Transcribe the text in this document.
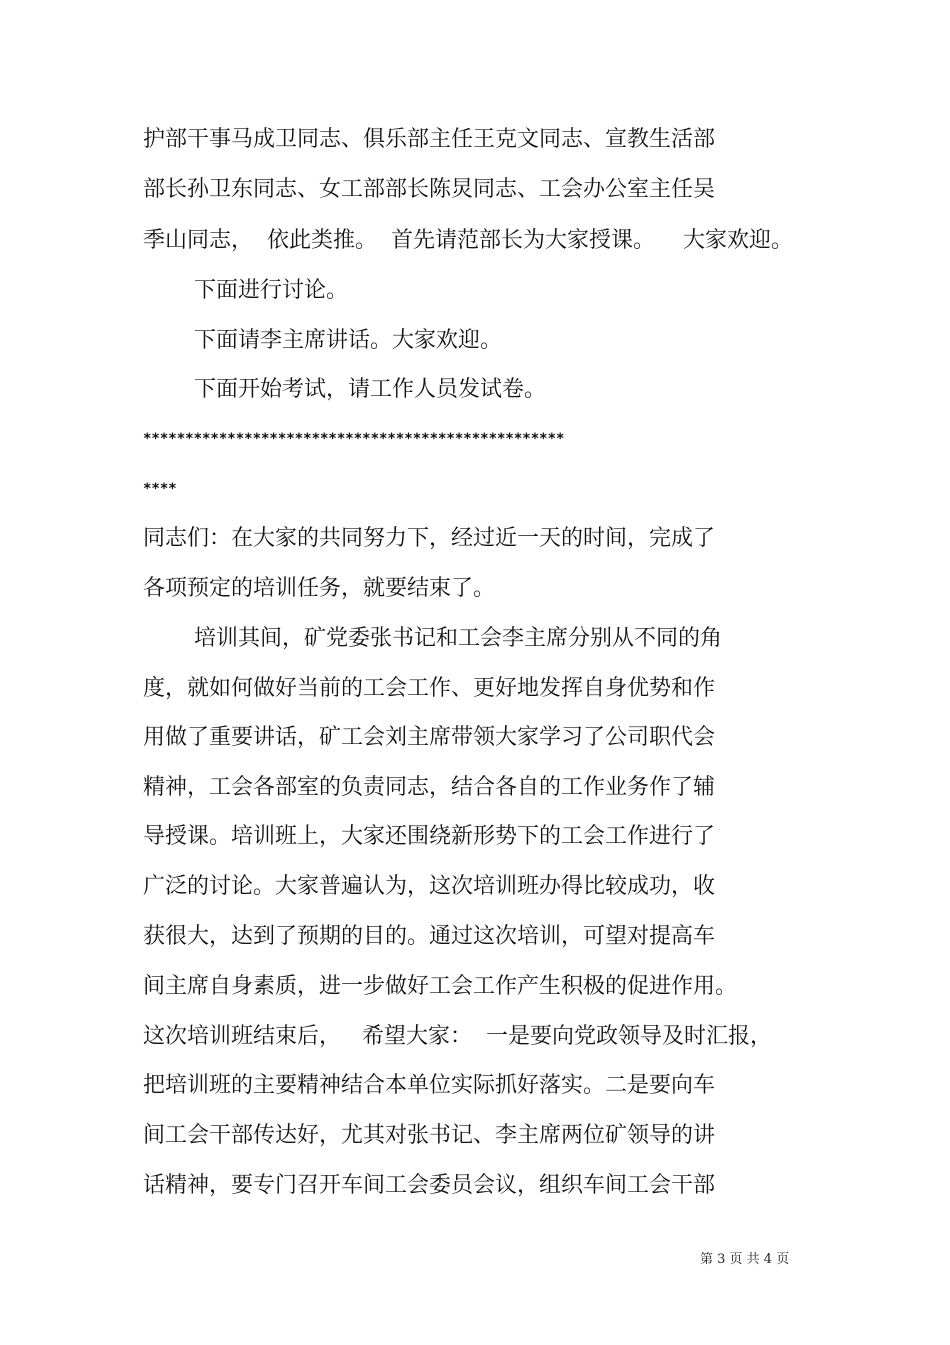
护部干事马成卫同志、俱乐部主任王克文同志、宣教生活部
部长孙卫东同志、女工部部长陈炅同志、工会办公室主任吴
季山同志，  依此类推。  首先请范部长为大家授课。    大家欢迎。
下面进行讨论。
下面请李主席讲话。大家欢迎。
下面开始考试，请工作人员发试卷。
**************************************************
****
同志们：在大家的共同努力下，经过近一天的时间，完成了
各项预定的培训任务，就要结束了。
培训其间，矿党委张书记和工会李主席分别从不同的角
度，就如何做好当前的工会工作、更好地发挥自身优势和作
用做了重要讲话，矿工会刘主席带领大家学习了公司职代会
精神，工会各部室的负责同志，结合各自的工作业务作了辅
导授课。培训班上，大家还围绕新形势下的工会工作进行了
广泛的讨论。大家普遍认为，这次培训班办得比较成功，收
获很大，达到了预期的目的。通过这次培训，可望对提高车
间主席自身素质，进一步做好工会工作产生积极的促进作用。
这次培训班结束后，   希望大家：  一是要向党政领导及时汇报，
把培训班的主要精神结合本单位实际抓好落实。二是要向车
间工会干部传达好，尤其对张书记、李主席两位矿领导的讲
话精神，要专门召开车间工会委员会议，组织车间工会干部
第 3 页 共 4 页
